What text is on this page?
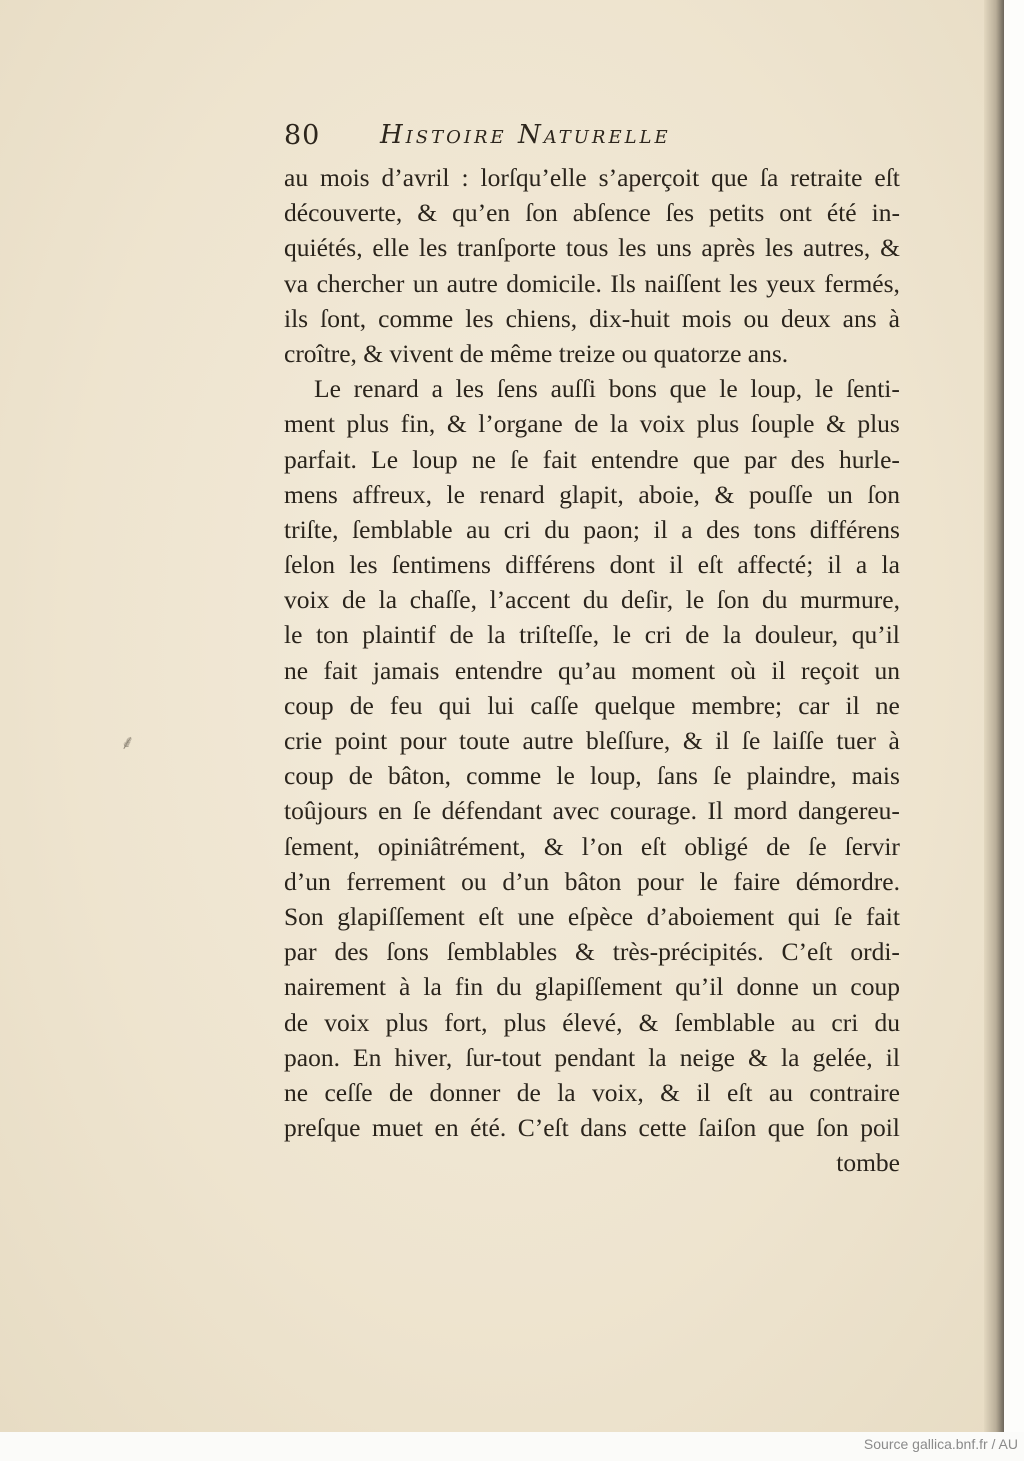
80 Histoire Naturelle
⸙
au mois d’avril : lorſqu’elle s’aperçoit que ſa retraite eſt
découverte, & qu’en ſon abſence ſes petits ont été in-
quiétés, elle les tranſporte tous les uns après les autres, &
va chercher un autre domicile. Ils naiſſent les yeux fermés,
ils ſont, comme les chiens, dix-huit mois ou deux ans à
croître, & vivent de même treize ou quatorze ans.
Le renard a les ſens auſſi bons que le loup, le ſenti-
ment plus fin, & l’organe de la voix plus ſouple & plus
parfait. Le loup ne ſe fait entendre que par des hurle-
mens affreux, le renard glapit, aboie, & pouſſe un ſon
triſte, ſemblable au cri du paon; il a des tons différens
ſelon les ſentimens différens dont il eſt affecté; il a la
voix de la chaſſe, l’accent du deſir, le ſon du murmure,
le ton plaintif de la triſteſſe, le cri de la douleur, qu’il
ne fait jamais entendre qu’au moment où il reçoit un
coup de feu qui lui caſſe quelque membre; car il ne
crie point pour toute autre bleſſure, & il ſe laiſſe tuer à
coup de bâton, comme le loup, ſans ſe plaindre, mais
toûjours en ſe défendant avec courage. Il mord dangereu-
ſement, opiniâtrément, & l’on eſt obligé de ſe ſervir
d’un ferrement ou d’un bâton pour le faire démordre.
Son glapiſſement eſt une eſpèce d’aboiement qui ſe fait
par des ſons ſemblables & très-précipités. C’eſt ordi-
nairement à la fin du glapiſſement qu’il donne un coup
de voix plus fort, plus élevé, & ſemblable au cri du
paon. En hiver, ſur-tout pendant la neige & la gelée, il
ne ceſſe de donner de la voix, & il eſt au contraire
preſque muet en été. C’eſt dans cette ſaiſon que ſon poil
tombe
Source gallica.bnf.fr / AU
